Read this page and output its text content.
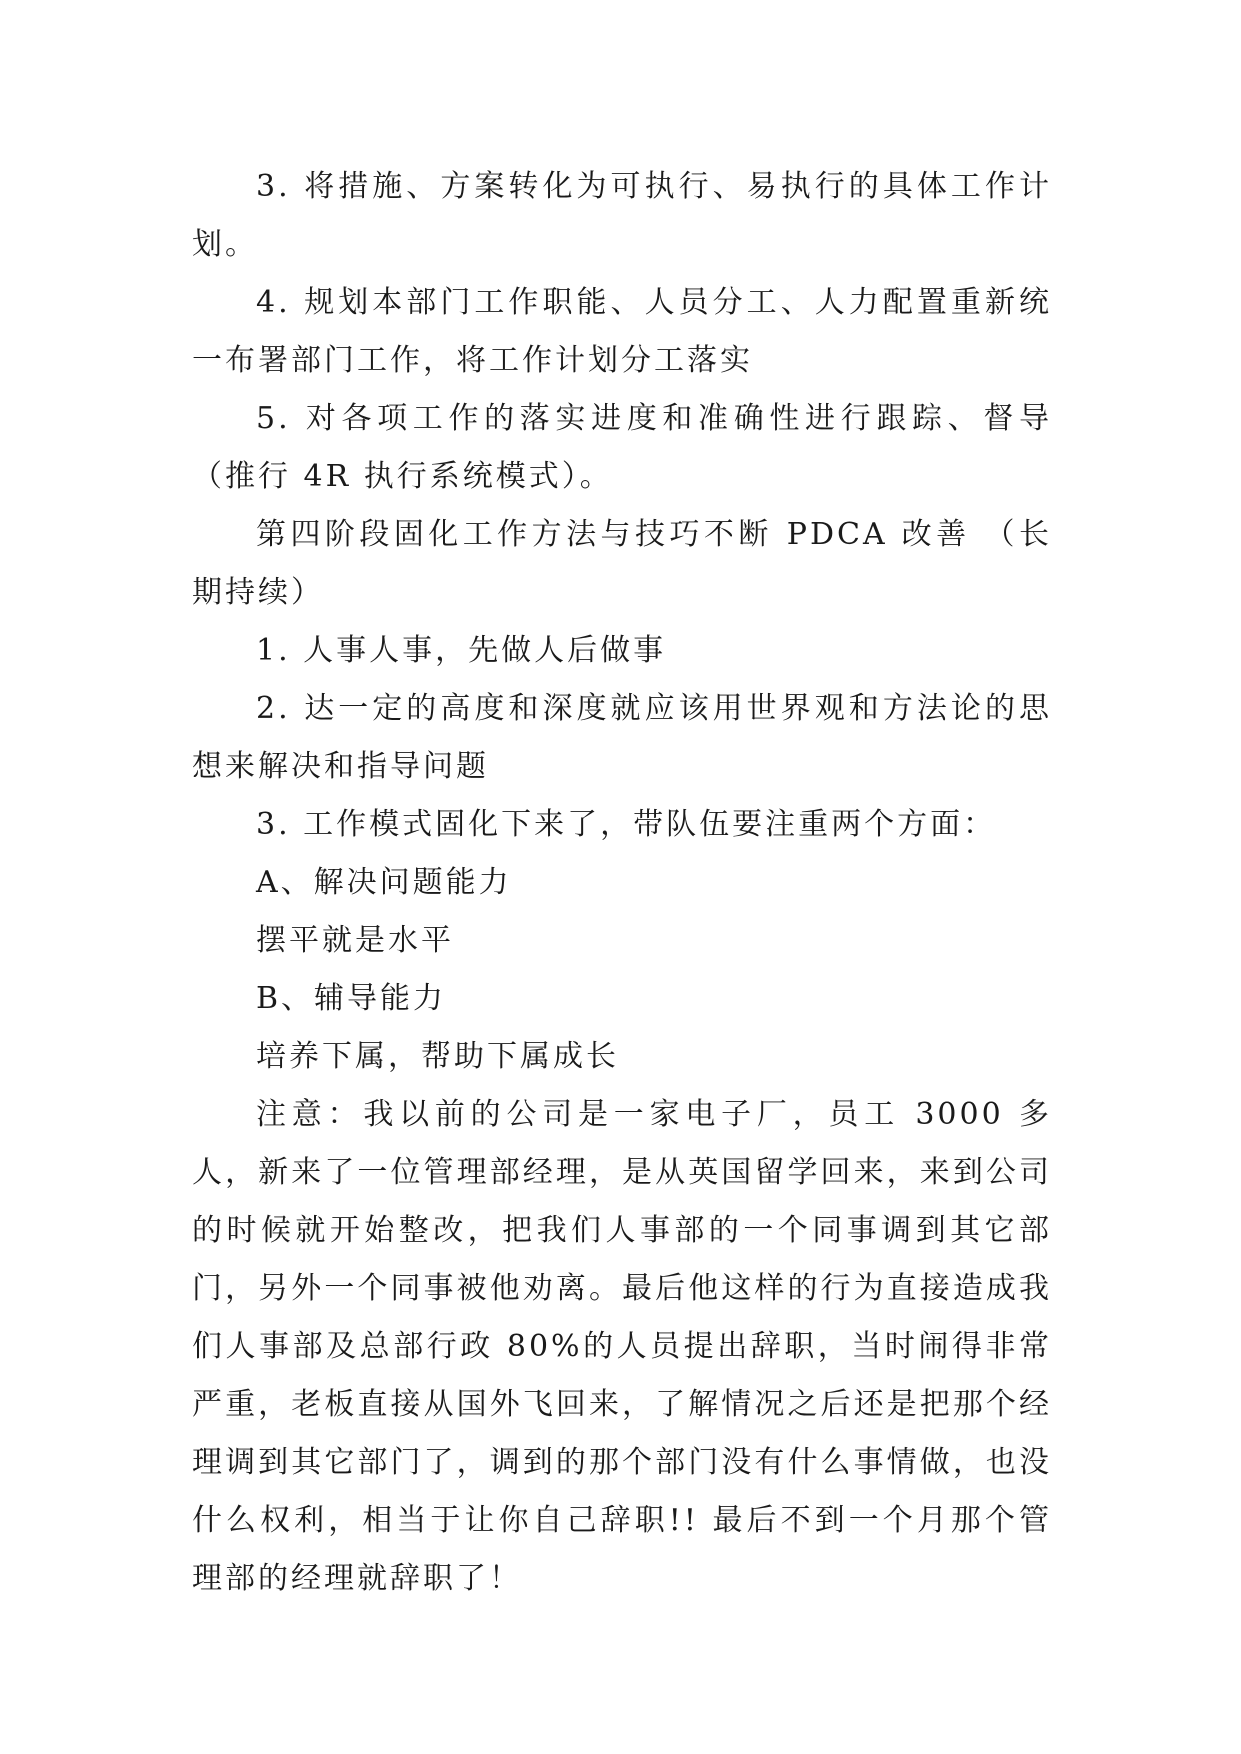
3. 将措施、方案转化为可执行、易执行的具体工作计划。

4. 规划本部门工作职能、人员分工、人力配置重新统一布署部门工作，将工作计划分工落实

5. 对各项工作的落实进度和准确性进行跟踪、督导（推行 4R 执行系统模式）。

第四阶段固化工作方法与技巧不断 PDCA 改善 （长期持续）

1. 人事人事，先做人后做事

2. 达一定的高度和深度就应该用世界观和方法论的思想来解决和指导问题

3. 工作模式固化下来了，带队伍要注重两个方面：

A、解决问题能力

摆平就是水平

B、辅导能力

培养下属，帮助下属成长

注意：我以前的公司是一家电子厂，员工 3000 多人，新来了一位管理部经理，是从英国留学回来，来到公司的时候就开始整改，把我们人事部的一个同事调到其它部门，另外一个同事被他劝离。最后他这样的行为直接造成我们人事部及总部行政 80%的人员提出辞职，当时闹得非常严重，老板直接从国外飞回来，了解情况之后还是把那个经理调到其它部门了，调到的那个部门没有什么事情做，也没什么权利，相当于让你自己辞职!! 最后不到一个月那个管理部的经理就辞职了！
